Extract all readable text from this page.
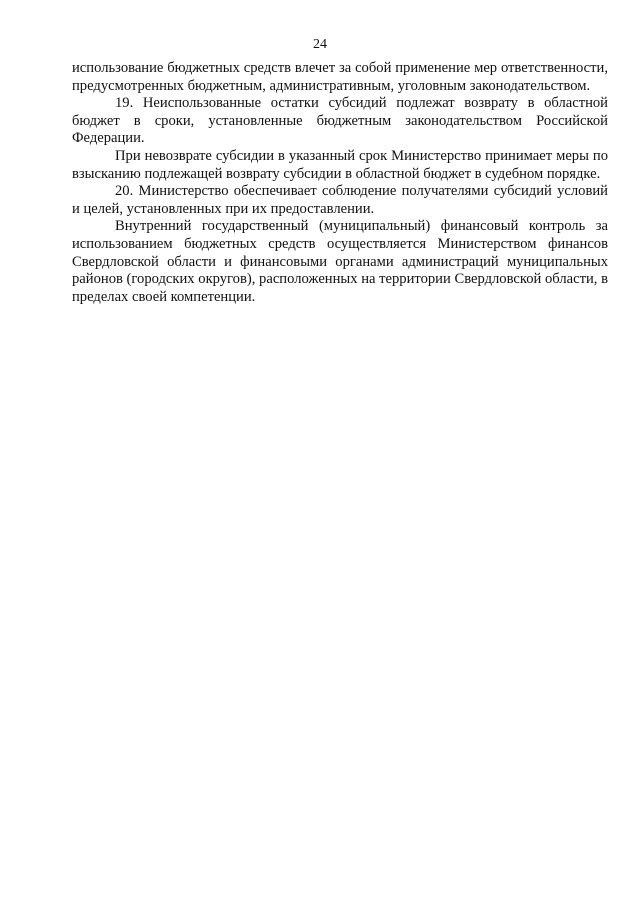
24

использование бюджетных средств влечет за собой применение мер ответственности, предусмотренных бюджетным, административным, уголовным законодательством.

19. Неиспользованные остатки субсидий подлежат возврату в областной бюджет в сроки, установленные бюджетным законодательством Российской Федерации.

При невозврате субсидии в указанный срок Министерство принимает меры по взысканию подлежащей возврату субсидии в областной бюджет в судебном порядке.

20. Министерство обеспечивает соблюдение получателями субсидий условий и целей, установленных при их предоставлении.

Внутренний государственный (муниципальный) финансовый контроль за использованием бюджетных средств осуществляется Министерством финансов Свердловской области и финансовыми органами администраций муниципальных районов (городских округов), расположенных на территории Свердловской области, в пределах своей компетенции.
